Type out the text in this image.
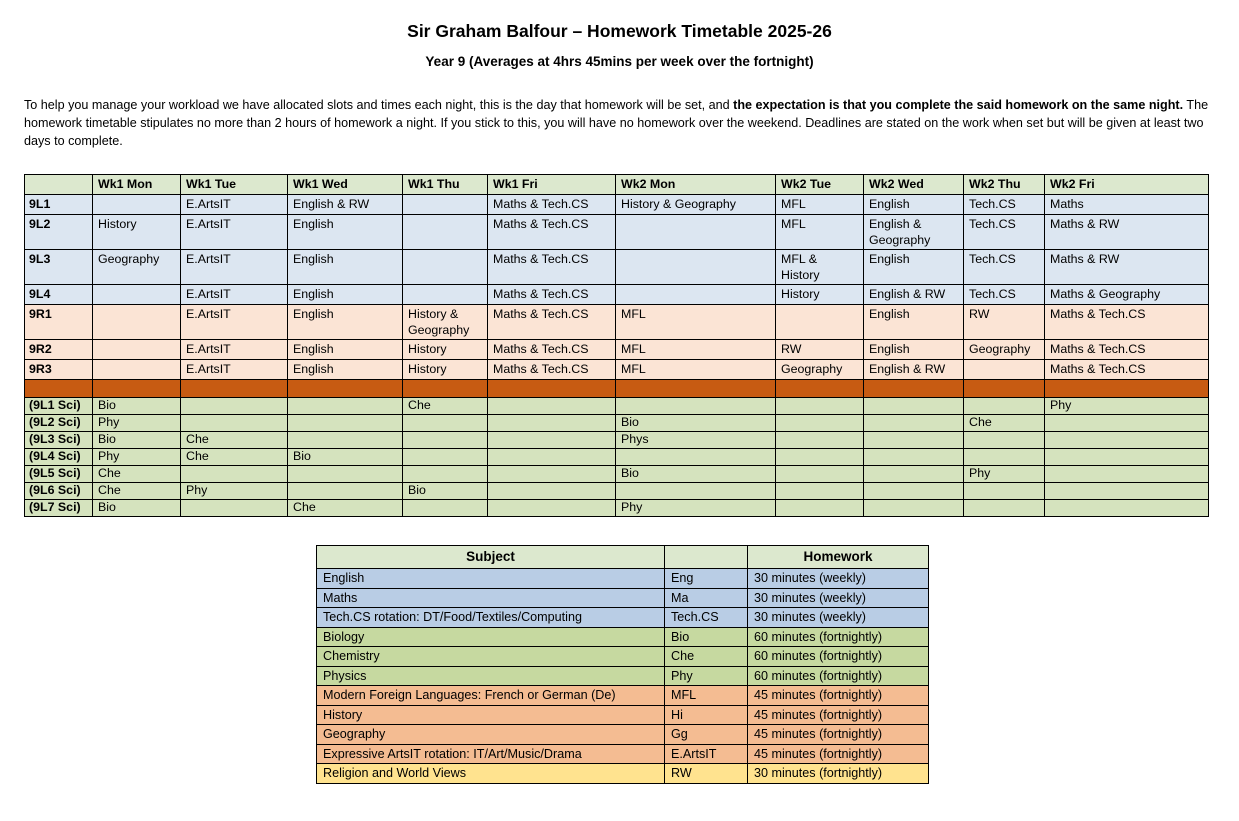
Sir Graham Balfour – Homework Timetable 2025-26
Year 9 (Averages at 4hrs 45mins per week over the fortnight)

To help you manage your workload we have allocated slots and times each night, this is the day that homework will be set, and the expectation is that you complete the said homework on the same night. The homework timetable stipulates no more than 2 hours of homework a night. If you stick to this, you will have no homework over the weekend. Deadlines are stated on the work when set but will be given at least two days to complete.

	Wk1 Mon	Wk1 Tue	Wk1 Wed	Wk1 Thu	Wk1 Fri	Wk2 Mon	Wk2 Tue	Wk2 Wed	Wk2 Thu	Wk2 Fri
9L1		E.ArtsIT	English & RW		Maths & Tech.CS	History & Geography	MFL	English	Tech.CS	Maths
9L2	History	E.ArtsIT	English		Maths & Tech.CS		MFL	English & Geography	Tech.CS	Maths & RW
9L3	Geography	E.ArtsIT	English		Maths & Tech.CS		MFL & History	English	Tech.CS	Maths & RW
9L4		E.ArtsIT	English		Maths & Tech.CS		History	English & RW	Tech.CS	Maths & Geography
9R1		E.ArtsIT	English	History & Geography	Maths & Tech.CS	MFL		English	RW	Maths & Tech.CS
9R2		E.ArtsIT	English	History	Maths & Tech.CS	MFL	RW	English	Geography	Maths & Tech.CS
9R3		E.ArtsIT	English	History	Maths & Tech.CS	MFL	Geography	English & RW		Maths & Tech.CS

(9L1 Sci)	Bio			Che						Phy
(9L2 Sci)	Phy					Bio			Che	
(9L3 Sci)	Bio	Che				Phys				
(9L4 Sci)	Phy	Che	Bio							
(9L5 Sci)	Che					Bio			Phy	
(9L6 Sci)	Che	Phy		Bio						
(9L7 Sci)	Bio		Che			Phy				
Subject		Homework
English	Eng	30 minutes (weekly)
Maths	Ma	30 minutes (weekly)
Tech.CS rotation: DT/Food/Textiles/Computing	Tech.CS	30 minutes (weekly)
Biology	Bio	60 minutes (fortnightly)
Chemistry	Che	60 minutes (fortnightly)
Physics	Phy	60 minutes (fortnightly)
Modern Foreign Languages: French or German (De)	MFL	45 minutes (fortnightly)
History	Hi	45 minutes (fortnightly)
Geography	Gg	45 minutes (fortnightly)
Expressive ArtsIT rotation: IT/Art/Music/Drama	E.ArtsIT	45 minutes (fortnightly)
Religion and World Views	RW	30 minutes (fortnightly)
